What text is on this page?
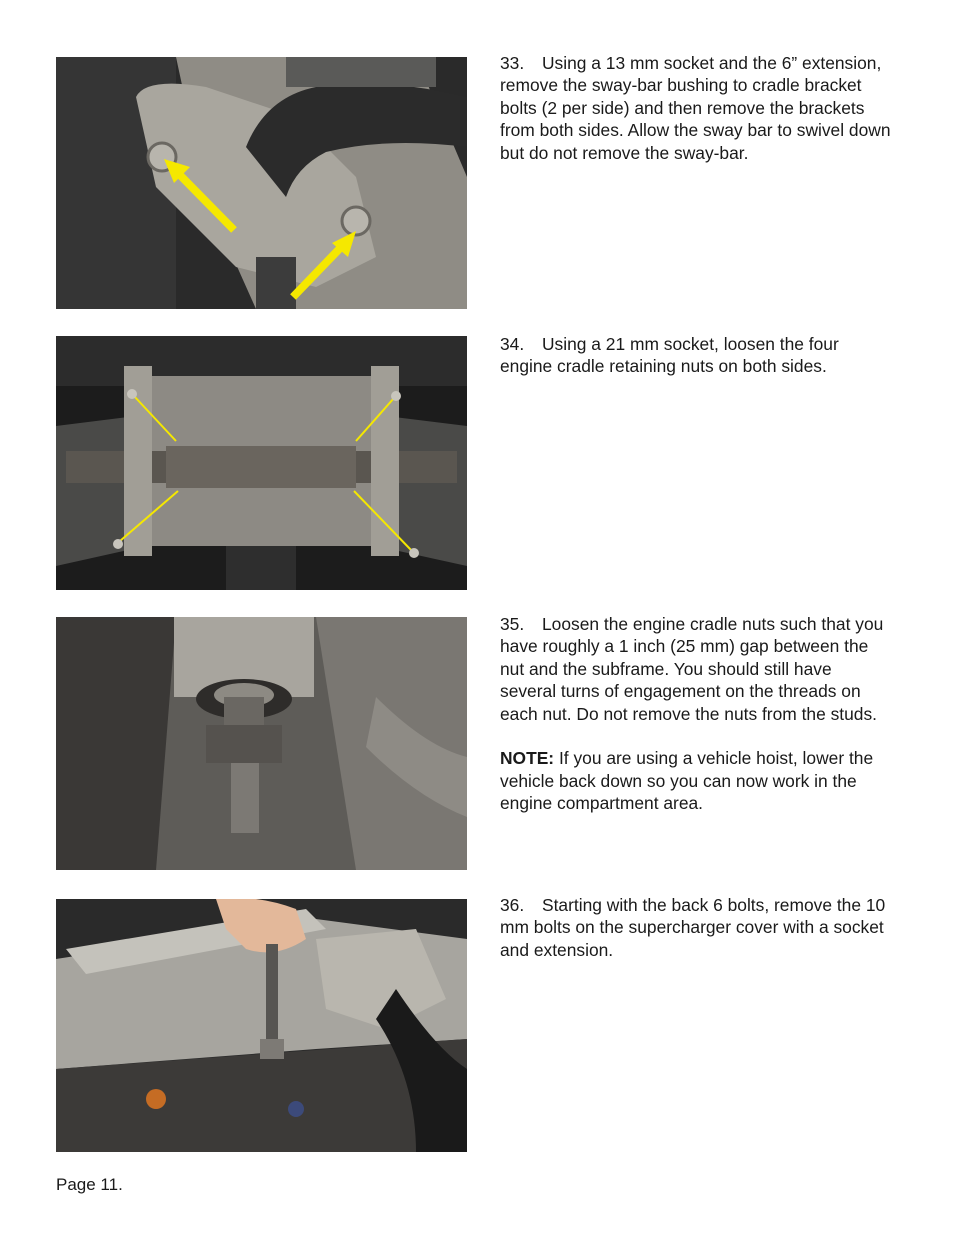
33. Using a 13 mm socket and the 6” extension, remove the sway-bar bushing to cradle bracket bolts (2 per side) and then remove the brackets from both sides. Allow the sway bar to swivel down but do not remove the sway-bar.

34. Using a 21 mm socket, loosen the four engine cradle retaining nuts on both sides.

35. Loosen the engine cradle nuts such that you have roughly a 1 inch (25 mm) gap between the nut and the subframe. You should still have several turns of engagement on the threads on each nut. Do not remove the nuts from the studs.

NOTE: If you are using a vehicle hoist, lower the vehicle back down so you can now work in the engine compartment area.

36. Starting with the back 6 bolts, remove the 10 mm bolts on the supercharger cover with a socket and extension.

Page 11.
